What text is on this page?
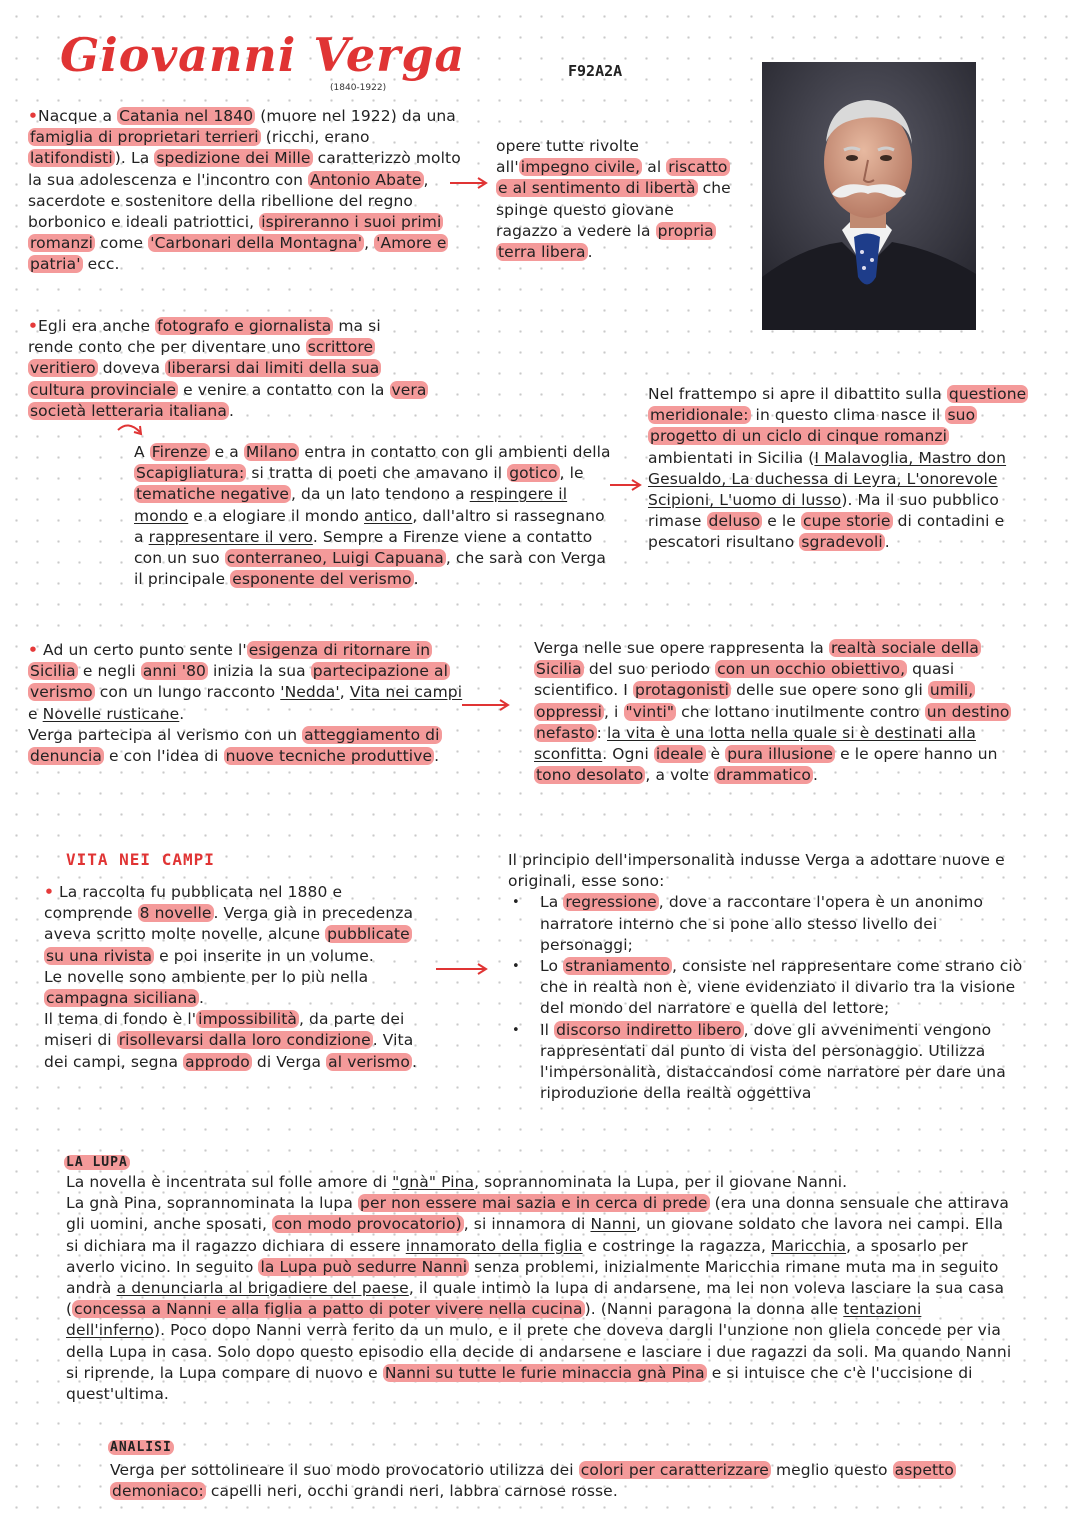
Giovanni Verga
(1840-1922)
F92A2A
•Nacque a Catania nel 1840 (muore nel 1922) da una famiglia di proprietari terrieri (ricchi, erano latifondisti ). La spedizione dei Mille caratterizzò molto la sua adolescenza e l'incontro con Antonio Abate , sacerdote e sostenitore della ribellione del regno borbonico e ideali patriottici, ispireranno i suoi primi romanzi come 'Carbonari della Montagna' , 'Amore e patria' ecc.
opere tutte rivolte all' impegno civile, al riscatto e al sentimento di libertà che spinge questo giovane ragazzo a vedere la propria terra libera .
•Egli era anche fotografo e giornalista ma si rende conto che per diventare uno scrittore veritiero doveva liberarsi dai limiti della sua cultura provinciale e venire a contatto con la vera società letteraria italiana .
A Firenze e a Milano entra in contatto con gli ambienti della Scapigliatura: si tratta di poeti che amavano il gotico , le tematiche negative , da un lato tendono a respingere il mondo e a elogiare il mondo antico, dall'altro si rassegnano a rappresentare il vero. Sempre a Firenze viene a contatto con un suo conterraneo, Luigi Capuana , che sarà con Verga il principale esponente del verismo .
Nel frattempo si apre il dibattito sulla questione meridionale: in questo clima nasce il suo progetto di un ciclo di cinque romanzi ambientati in Sicilia (I Malavoglia, Mastro don Gesualdo, La duchessa di Leyra, L'onorevole Scipioni, L'uomo di lusso). Ma il suo pubblico rimase deluso e le cupe storie di contadini e pescatori risultano sgradevoli .
• Ad un certo punto sente l' esigenza di ritornare in Sicilia e negli anni '80 inizia la sua partecipazione al verismo con un lungo racconto 'Nedda', Vita nei campi e Novelle rusticane.
Verga partecipa al verismo con un atteggiamento di denuncia e con l'idea di nuove tecniche produttive .
Verga nelle sue opere rappresenta la realtà sociale della Sicilia del suo periodo con un occhio obiettivo, quasi scientifico. I protagonisti delle sue opere sono gli umili, oppressi , i "vinti" che lottano inutilmente contro un destino nefasto : la vita è una lotta nella quale si è destinati alla sconfitta. Ogni ideale è pura illusione e le opere hanno un tono desolato , a volte drammatico .
VITA NEI CAMPI
• La raccolta fu pubblicata nel 1880 e comprende 8 novelle . Verga già in precedenza aveva scritto molte novelle, alcune pubblicate su una rivista e poi inserite in un volume.
Le novelle sono ambiente per lo più nella campagna siciliana .
Il tema di fondo è l' impossibilità , da parte dei miseri di risollevarsi dalla loro condizione . Vita dei campi, segna approdo di Verga al verismo .
Il principio dell'impersonalità indusse Verga a adottare nuove e originali, esse sono:
• La regressione , dove a raccontare l'opera è un anonimo narratore interno che si pone allo stesso livello dei personaggi;
• Lo straniamento , consiste nel rappresentare come strano ciò che in realtà non è, viene evidenziato il divario tra la visione del mondo del narratore e quella del lettore;
• Il discorso indiretto libero , dove gli avvenimenti vengono rappresentati dal punto di vista del personaggio. Utilizza l'impersonalità, distaccandosi come narratore per dare una riproduzione della realtà oggettiva
LA LUPA
La novella è incentrata sul folle amore di "gnà" Pina, soprannominata la Lupa, per il giovane Nanni.
La gnà Pina, soprannominata la lupa per non essere mai sazia e in cerca di prede (era una donna sensuale che attirava gli uomini, anche sposati, con modo provocatorio) , si innamora di Nanni, un giovane soldato che lavora nei campi. Ella si dichiara ma il ragazzo dichiara di essere innamorato della figlia e costringe la ragazza, Maricchia, a sposarlo per averlo vicino. In seguito la Lupa può sedurre Nanni senza problemi, inizialmente Maricchia rimane muta ma in seguito andrà a denunciarla al brigadiere del paese, il quale intimò la lupa di andarsene, ma lei non voleva lasciare la sua casa ( concessa a Nanni e alla figlia a patto di poter vivere nella cucina ). (Nanni paragona la donna alle tentazioni dell'inferno). Poco dopo Nanni verrà ferito da un mulo, e il prete che doveva dargli l'unzione non gliela concede per via della Lupa in casa. Solo dopo questo episodio ella decide di andarsene e lasciare i due ragazzi da soli. Ma quando Nanni si riprende, la Lupa compare di nuovo e Nanni su tutte le furie minaccia gnà Pina e si intuisce che c'è l'uccisione di quest'ultima.
ANALISI
Verga per sottolineare il suo modo provocatorio utilizza dei colori per caratterizzare meglio questo aspetto demoniaco: capelli neri, occhi grandi neri, labbra carnose rosse.
